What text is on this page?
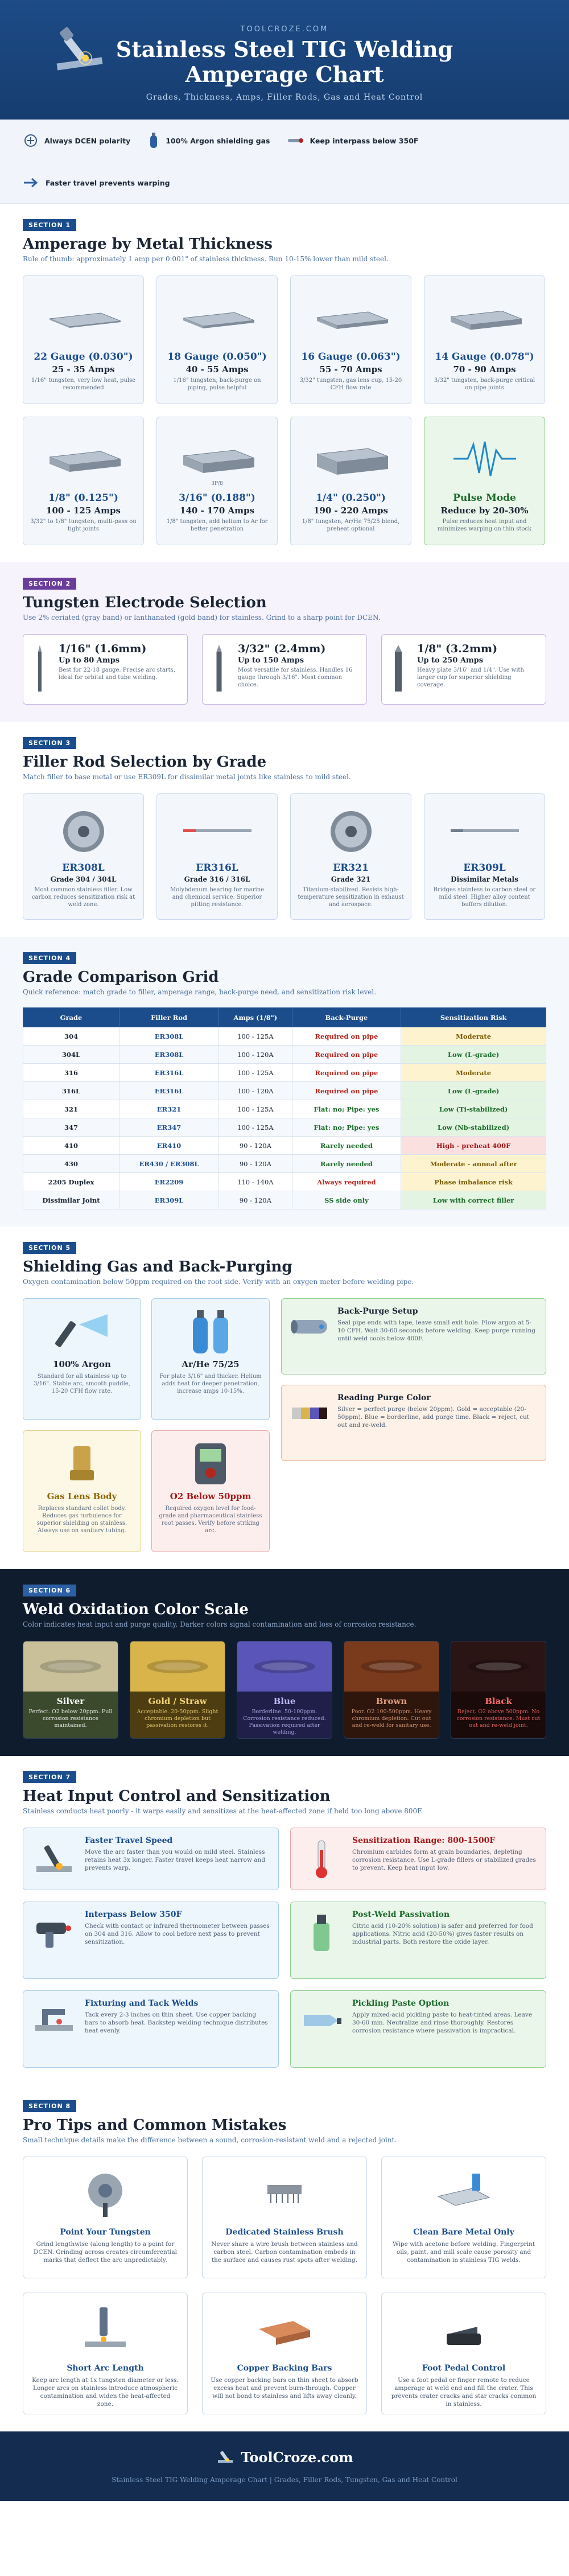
TOOLCROZE.COM
Stainless Steel TIG Welding
Amperage Chart
Grades, Thickness, Amps, Filler Rods, Gas and Heat Control
Always DCEN polarity	100% Argon shielding gas	Keep interpass below 350F
Faster travel prevents warping
SECTION 1
Amperage by Metal Thickness
Rule of thumb: approximately 1 amp per 0.001" of stainless thickness. Run 10-15% lower than mild steel.
22 Gauge (0.030")
25 - 35 Amps
1/16" tungsten, very low heat, pulse recommended
18 Gauge (0.050")
40 - 55 Amps
1/16" tungsten, back-purge on piping, pulse helpful
16 Gauge (0.063")
55 - 70 Amps
3/32" tungsten, gas lens cup, 15-20 CFH flow rate
14 Gauge (0.078")
70 - 90 Amps
3/32" tungsten, back-purge critical on pipe joints
1/8" (0.125")
100 - 125 Amps
3/32" to 1/8" tungsten, multi-pass on tight joints
3P/8
3/16" (0.188")
140 - 170 Amps
1/8" tungsten, add helium to Ar for better penetration
1/4" (0.250")
190 - 220 Amps
1/8" tungsten, Ar/He 75/25 blend, preheat optional
Pulse Mode
Reduce by 20-30%
Pulse reduces heat input and minimizes warping on thin stock
SECTION 2
Tungsten Electrode Selection
Use 2% ceriated (gray band) or lanthanated (gold band) for stainless. Grind to a sharp point for DCEN.
1/16" (1.6mm)
Up to 80 Amps
Best for 22-18 gauge. Precise arc starts, ideal for orbital and tube welding.
3/32" (2.4mm)
Up to 150 Amps
Most versatile for stainless. Handles 16 gauge through 3/16". Most common choice.
1/8" (3.2mm)
Up to 250 Amps
Heavy plate 3/16" and 1/4". Use with larger cup for superior shielding coverage.
SECTION 3
Filler Rod Selection by Grade
Match filler to base metal or use ER309L for dissimilar metal joints like stainless to mild steel.
ER308L
Grade 304 / 304L
Most common stainless filler. Low carbon reduces sensitization risk at weld zone.
ER316L
Grade 316 / 316L
Molybdenum bearing for marine and chemical service. Superior pitting resistance.
ER321
Grade 321
Titanium-stabilized. Resists high-temperature sensitization in exhaust and aerospace.
ER309L
Dissimilar Metals
Bridges stainless to carbon steel or mild steel. Higher alloy content buffers dilution.
SECTION 4
Grade Comparison Grid
Quick reference: match grade to filler, amperage range, back-purge need, and sensitization risk level.
Grade	Filler Rod	Amps (1/8")	Back-Purge	Sensitization Risk
304	ER308L	100 - 125A	Required on pipe	Moderate
304L	ER308L	100 - 120A	Required on pipe	Low (L-grade)
316	ER316L	100 - 125A	Required on pipe	Moderate
316L	ER316L	100 - 120A	Required on pipe	Low (L-grade)
321	ER321	100 - 125A	Flat: no; Pipe: yes	Low (Ti-stabilized)
347	ER347	100 - 125A	Flat: no; Pipe: yes	Low (Nb-stabilized)
410	ER410	90 - 120A	Rarely needed	High - preheat 400F
430	ER430 / ER308L	90 - 120A	Rarely needed	Moderate - anneal after
2205 Duplex	ER2209	110 - 140A	Always required	Phase imbalance risk
Dissimilar Joint	ER309L	90 - 120A	SS side only	Low with correct filler
SECTION 5
Shielding Gas and Back-Purging
Oxygen contamination below 50ppm required on the root side. Verify with an oxygen meter before welding pipe.
100% Argon
Standard for all stainless up to 3/16". Stable arc, smooth puddle, 15-20 CFH flow rate.
Ar/He 75/25
For plate 3/16" and thicker. Helium adds heat for deeper penetration, increase amps 10-15%.
Gas Lens Body
Replaces standard collet body. Reduces gas turbulence for superior shielding on stainless. Always use on sanitary tubing.
O2 Below 50ppm
Required oxygen level for food-grade and pharmaceutical stainless root passes. Verify before striking arc.
Back-Purge Setup
Seal pipe ends with tape, leave small exit hole. Flow argon at 5-10 CFH. Wait 30-60 seconds before welding. Keep purge running until weld cools below 400F.
Reading Purge Color
Silver = perfect purge (below 20ppm). Gold = acceptable (20-50ppm). Blue = borderline, add purge time. Black = reject, cut out and re-weld.
SECTION 6
Weld Oxidation Color Scale
Color indicates heat input and purge quality. Darker colors signal contamination and loss of corrosion resistance.
Silver
Perfect. O2 below 20ppm. Full corrosion resistance maintained.
Gold / Straw
Acceptable. 20-50ppm. Slight chromium depletion but passivation restores it.
Blue
Borderline. 50-100ppm. Corrosion resistance reduced. Passivation required after welding.
Brown
Poor. O2 100-500ppm. Heavy chromium depletion. Cut out and re-weld for sanitary use.
Black
Reject. O2 above 500ppm. No corrosion resistance. Must cut out and re-weld joint.
SECTION 7
Heat Input Control and Sensitization
Stainless conducts heat poorly - it warps easily and sensitizes at the heat-affected zone if held too long above 800F.
Faster Travel Speed
Move the arc faster than you would on mild steel. Stainless retains heat 3x longer. Faster travel keeps heat narrow and prevents warp.
Sensitization Range: 800-1500F
Chromium carbides form at grain boundaries, depleting corrosion resistance. Use L-grade fillers or stabilized grades to prevent. Keep heat input low.
Interpass Below 350F
Check with contact or infrared thermometer between passes on 304 and 316. Allow to cool before next pass to prevent sensitization.
Post-Weld Passivation
Citric acid (10-20% solution) is safer and preferred for food applications. Nitric acid (20-50%) gives faster results on industrial parts. Both restore the oxide layer.
Fixturing and Tack Welds
Tack every 2-3 inches on thin sheet. Use copper backing bars to absorb heat. Backstep welding technique distributes heat evenly.
Pickling Paste Option
Apply mixed-acid pickling paste to heat-tinted areas. Leave 30-60 min. Neutralize and rinse thoroughly. Restores corrosion resistance where passivation is impractical.
SECTION 8
Pro Tips and Common Mistakes
Small technique details make the difference between a sound, corrosion-resistant weld and a rejected joint.
Point Your Tungsten
Grind lengthwise (along length) to a point for DCEN. Grinding across creates circumferential marks that deflect the arc unpredictably.
Dedicated Stainless Brush
Never share a wire brush between stainless and carbon steel. Carbon contamination embeds in the surface and causes rust spots after welding.
Clean Bare Metal Only
Wipe with acetone before welding. Fingerprint oils, paint, and mill scale cause porosity and contamination in stainless TIG welds.
Short Arc Length
Keep arc length at 1x tungsten diameter or less. Longer arcs on stainless introduce atmospheric contamination and widen the heat-affected zone.
Copper Backing Bars
Use copper backing bars on thin sheet to absorb excess heat and prevent burn-through. Copper will not bond to stainless and lifts away cleanly.
Foot Pedal Control
Use a foot pedal or finger remote to reduce amperage at weld end and fill the crater. This prevents crater cracks and star cracks common in stainless.
ToolCroze.com
Stainless Steel TIG Welding Amperage Chart | Grades, Filler Rods, Tungsten, Gas and Heat Control
